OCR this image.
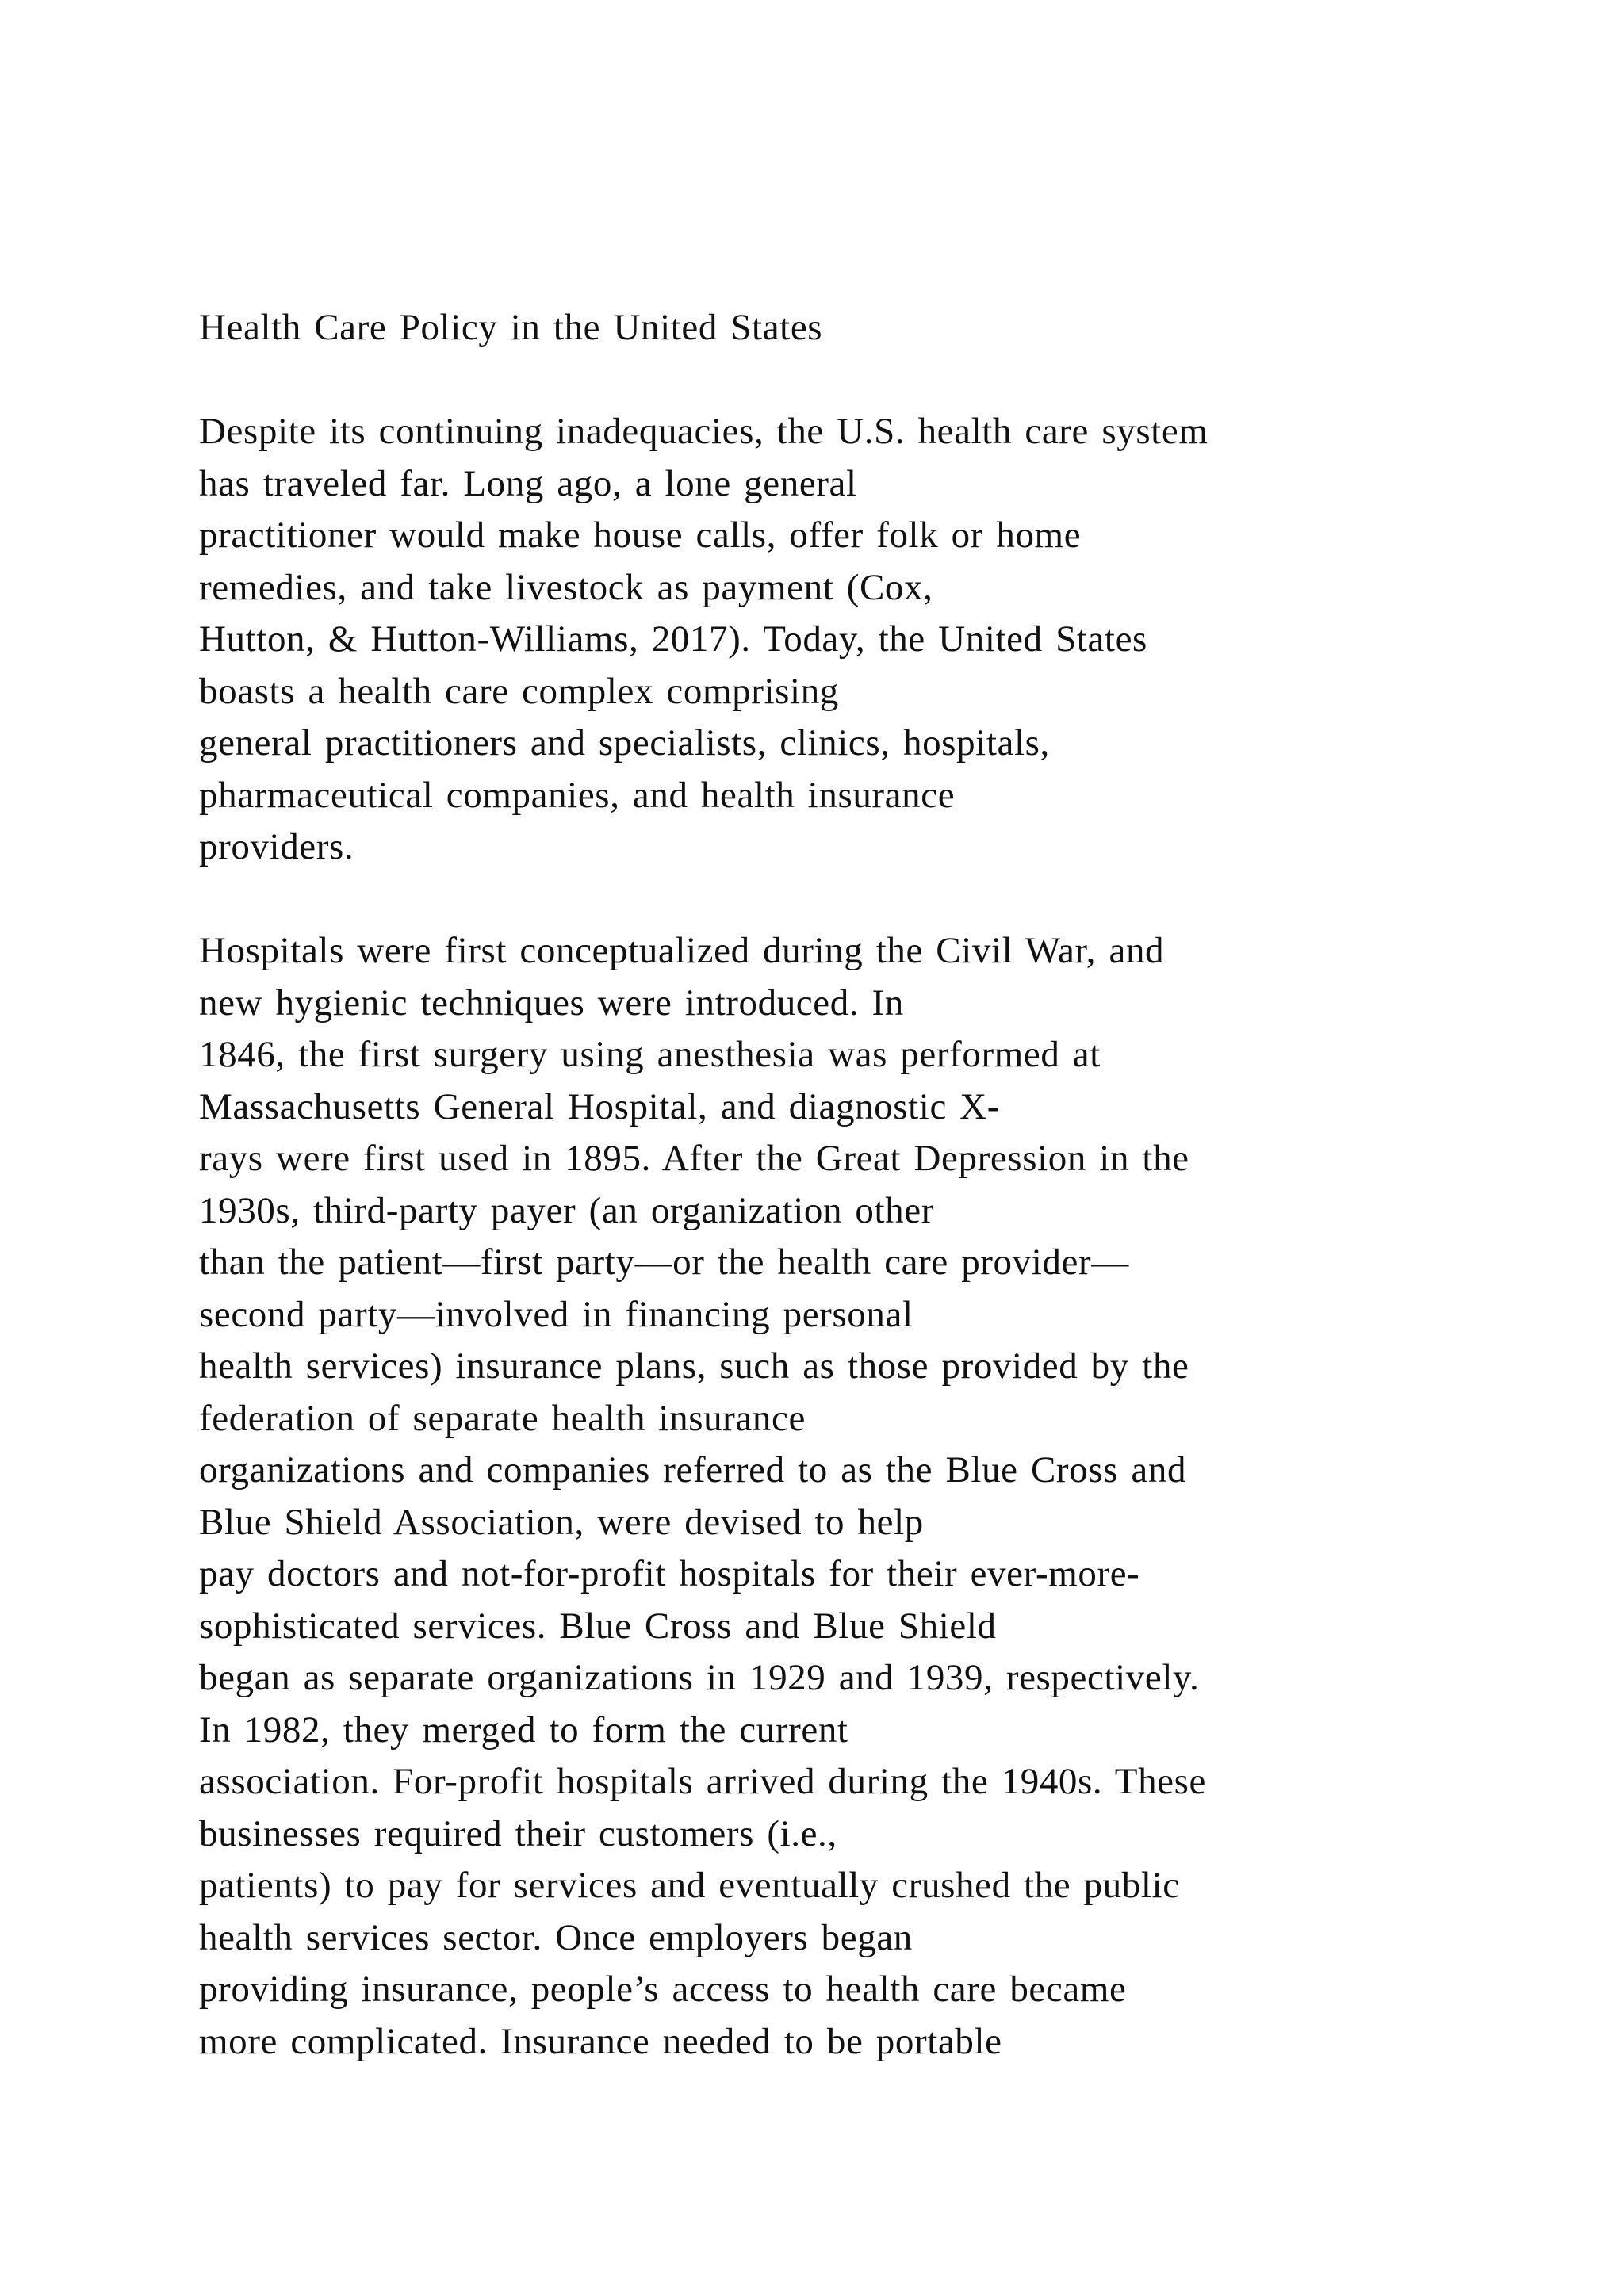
Health Care Policy in the United States
Despite its continuing inadequacies, the U.S. health care system
has traveled far. Long ago, a lone general
practitioner would make house calls, offer folk or home
remedies, and take livestock as payment (Cox,
Hutton, & Hutton-Williams, 2017). Today, the United States
boasts a health care complex comprising
general practitioners and specialists, clinics, hospitals,
pharmaceutical companies, and health insurance
providers.
Hospitals were first conceptualized during the Civil War, and
new hygienic techniques were introduced. In
1846, the first surgery using anesthesia was performed at
Massachusetts General Hospital, and diagnostic X-
rays were first used in 1895. After the Great Depression in the
1930s, third-party payer (an organization other
than the patient—first party—or the health care provider—
second party—involved in financing personal
health services) insurance plans, such as those provided by the
federation of separate health insurance
organizations and companies referred to as the Blue Cross and
Blue Shield Association, were devised to help
pay doctors and not-for-profit hospitals for their ever-more-
sophisticated services. Blue Cross and Blue Shield
began as separate organizations in 1929 and 1939, respectively.
In 1982, they merged to form the current
association. For-profit hospitals arrived during the 1940s. These
businesses required their customers (i.e.,
patients) to pay for services and eventually crushed the public
health services sector. Once employers began
providing insurance, people’s access to health care became
more complicated. Insurance needed to be portable
